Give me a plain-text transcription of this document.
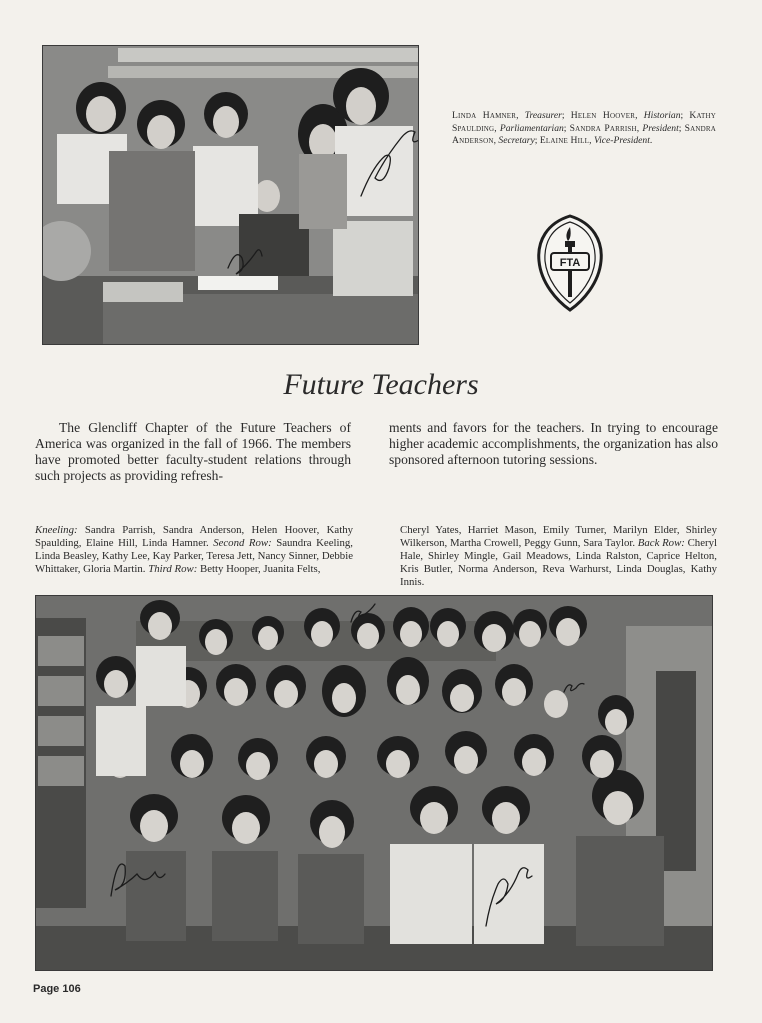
Linda Hamner, Treasurer; Helen Hoover, Historian; Kathy Spaulding, Parliamentarian; Sandra Parrish, President; Sandra Anderson, Secretary; Elaine Hill, Vice-President.

FTA
Future Teachers

The Glencliff Chapter of the Future Teachers of America was organized in the fall of 1966. The members have promoted better faculty-student relations through such projects as providing refresh-

ments and favors for the teachers. In trying to encourage higher academic accomplishments, the organization has also sponsored afternoon tutoring sessions.

Kneeling: Sandra Parrish, Sandra Anderson, Helen Hoover, Kathy Spaulding, Elaine Hill, Linda Hamner. Second Row: Saundra Keeling, Linda Beasley, Kathy Lee, Kay Parker, Teresa Jett, Nancy Sinner, Debbie Whittaker, Gloria Martin. Third Row: Betty Hooper, Juanita Felts,

Cheryl Yates, Harriet Mason, Emily Turner, Marilyn Elder, Shirley Wilkerson, Martha Crowell, Peggy Gunn, Sara Taylor. Back Row: Cheryl Hale, Shirley Mingle, Gail Meadows, Linda Ralston, Caprice Helton, Kris Butler, Norma Anderson, Reva Warhurst, Linda Douglas, Kathy Innis.

Page 106
